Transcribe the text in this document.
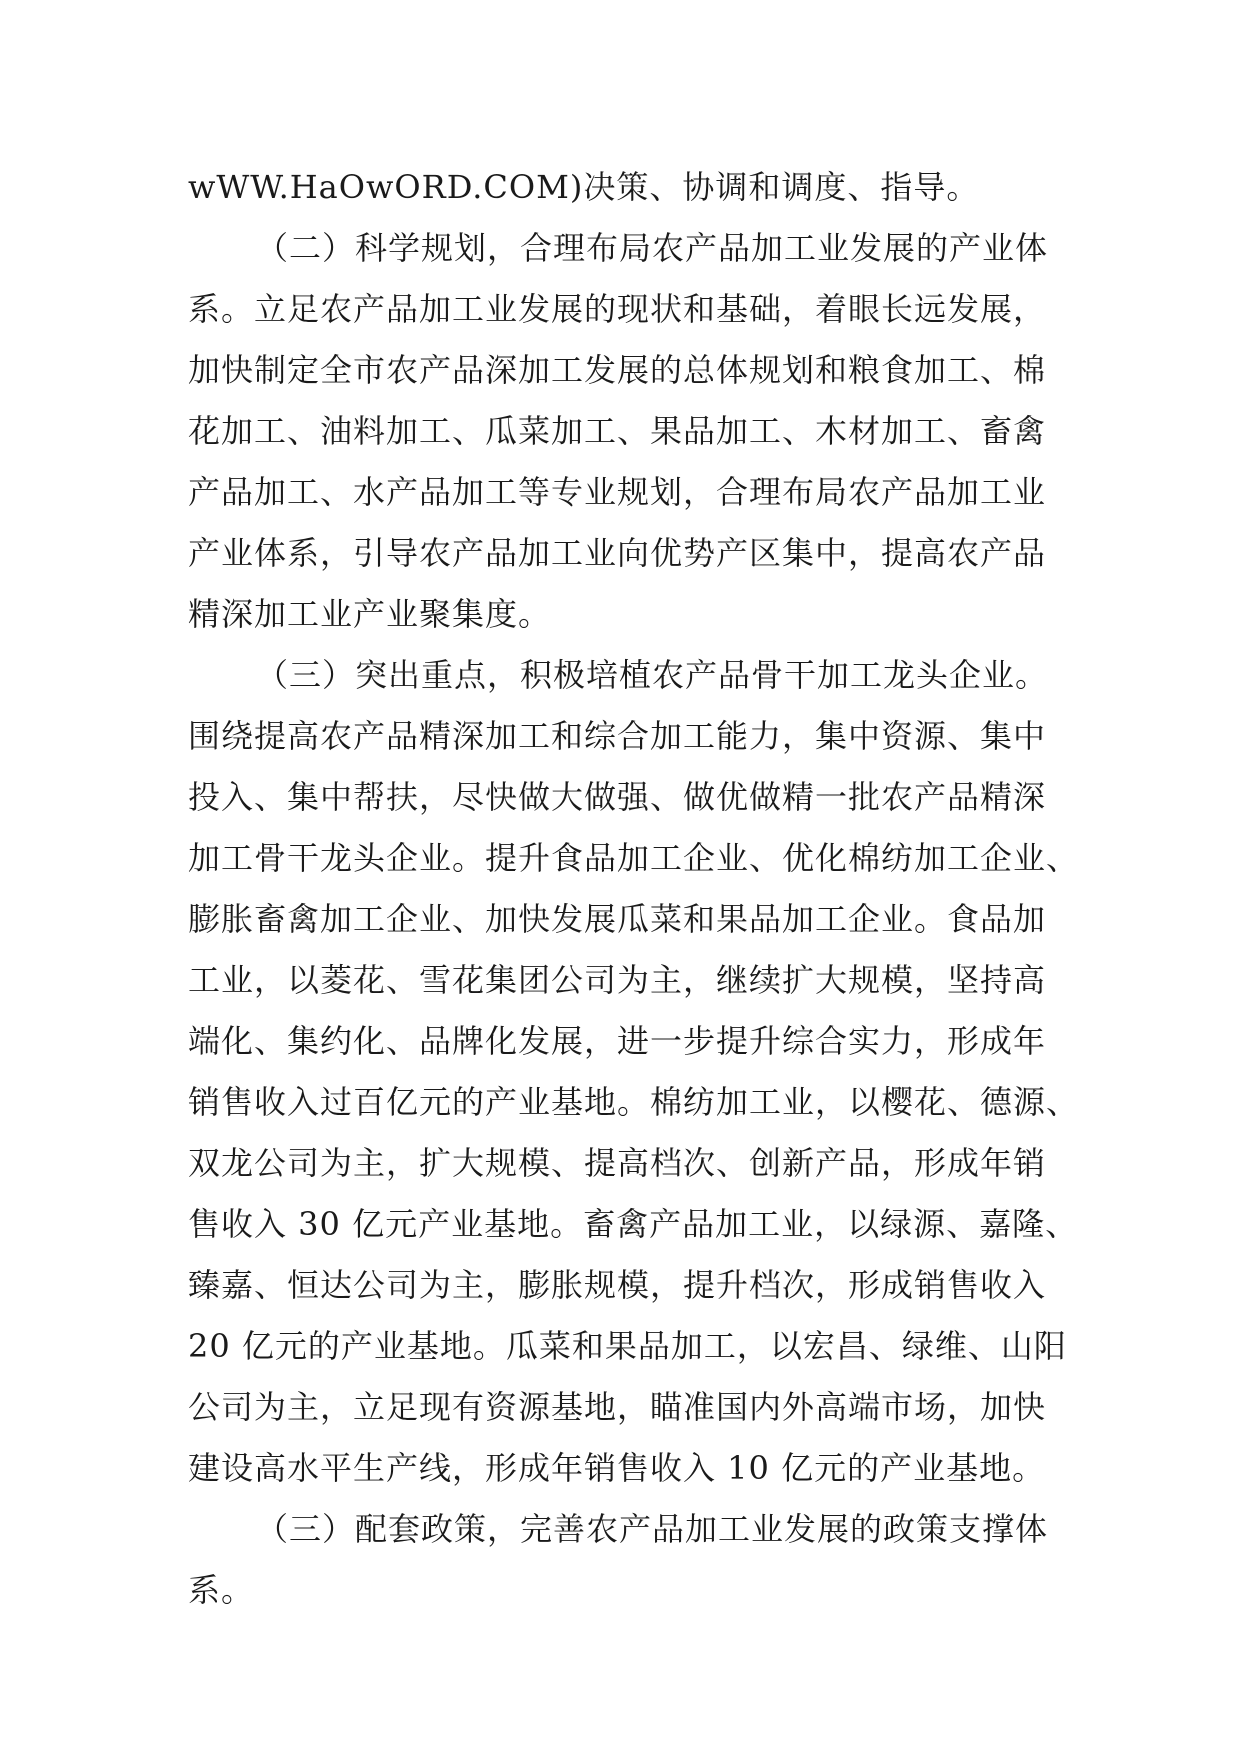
wWW.HaOwORD.COM)决策、协调和调度、指导。
（二）科学规划，合理布局农产品加工业发展的产业体
系。立足农产品加工业发展的现状和基础，着眼长远发展，
加快制定全市农产品深加工发展的总体规划和粮食加工、棉
花加工、油料加工、瓜菜加工、果品加工、木材加工、畜禽
产品加工、水产品加工等专业规划，合理布局农产品加工业
产业体系，引导农产品加工业向优势产区集中，提高农产品
精深加工业产业聚集度。
（三）突出重点，积极培植农产品骨干加工龙头企业。
围绕提高农产品精深加工和综合加工能力，集中资源、集中
投入、集中帮扶，尽快做大做强、做优做精一批农产品精深
加工骨干龙头企业。提升食品加工企业、优化棉纺加工企业、
膨胀畜禽加工企业、加快发展瓜菜和果品加工企业。食品加
工业，以菱花、雪花集团公司为主，继续扩大规模，坚持高
端化、集约化、品牌化发展，进一步提升综合实力，形成年
销售收入过百亿元的产业基地。棉纺加工业，以樱花、德源、
双龙公司为主，扩大规模、提高档次、创新产品，形成年销
售收入 30 亿元产业基地。畜禽产品加工业，以绿源、嘉隆、
臻嘉、恒达公司为主，膨胀规模，提升档次，形成销售收入
20 亿元的产业基地。瓜菜和果品加工，以宏昌、绿维、山阳
公司为主，立足现有资源基地，瞄准国内外高端市场，加快
建设高水平生产线，形成年销售收入 10 亿元的产业基地。
（三）配套政策，完善农产品加工业发展的政策支撑体
系。
